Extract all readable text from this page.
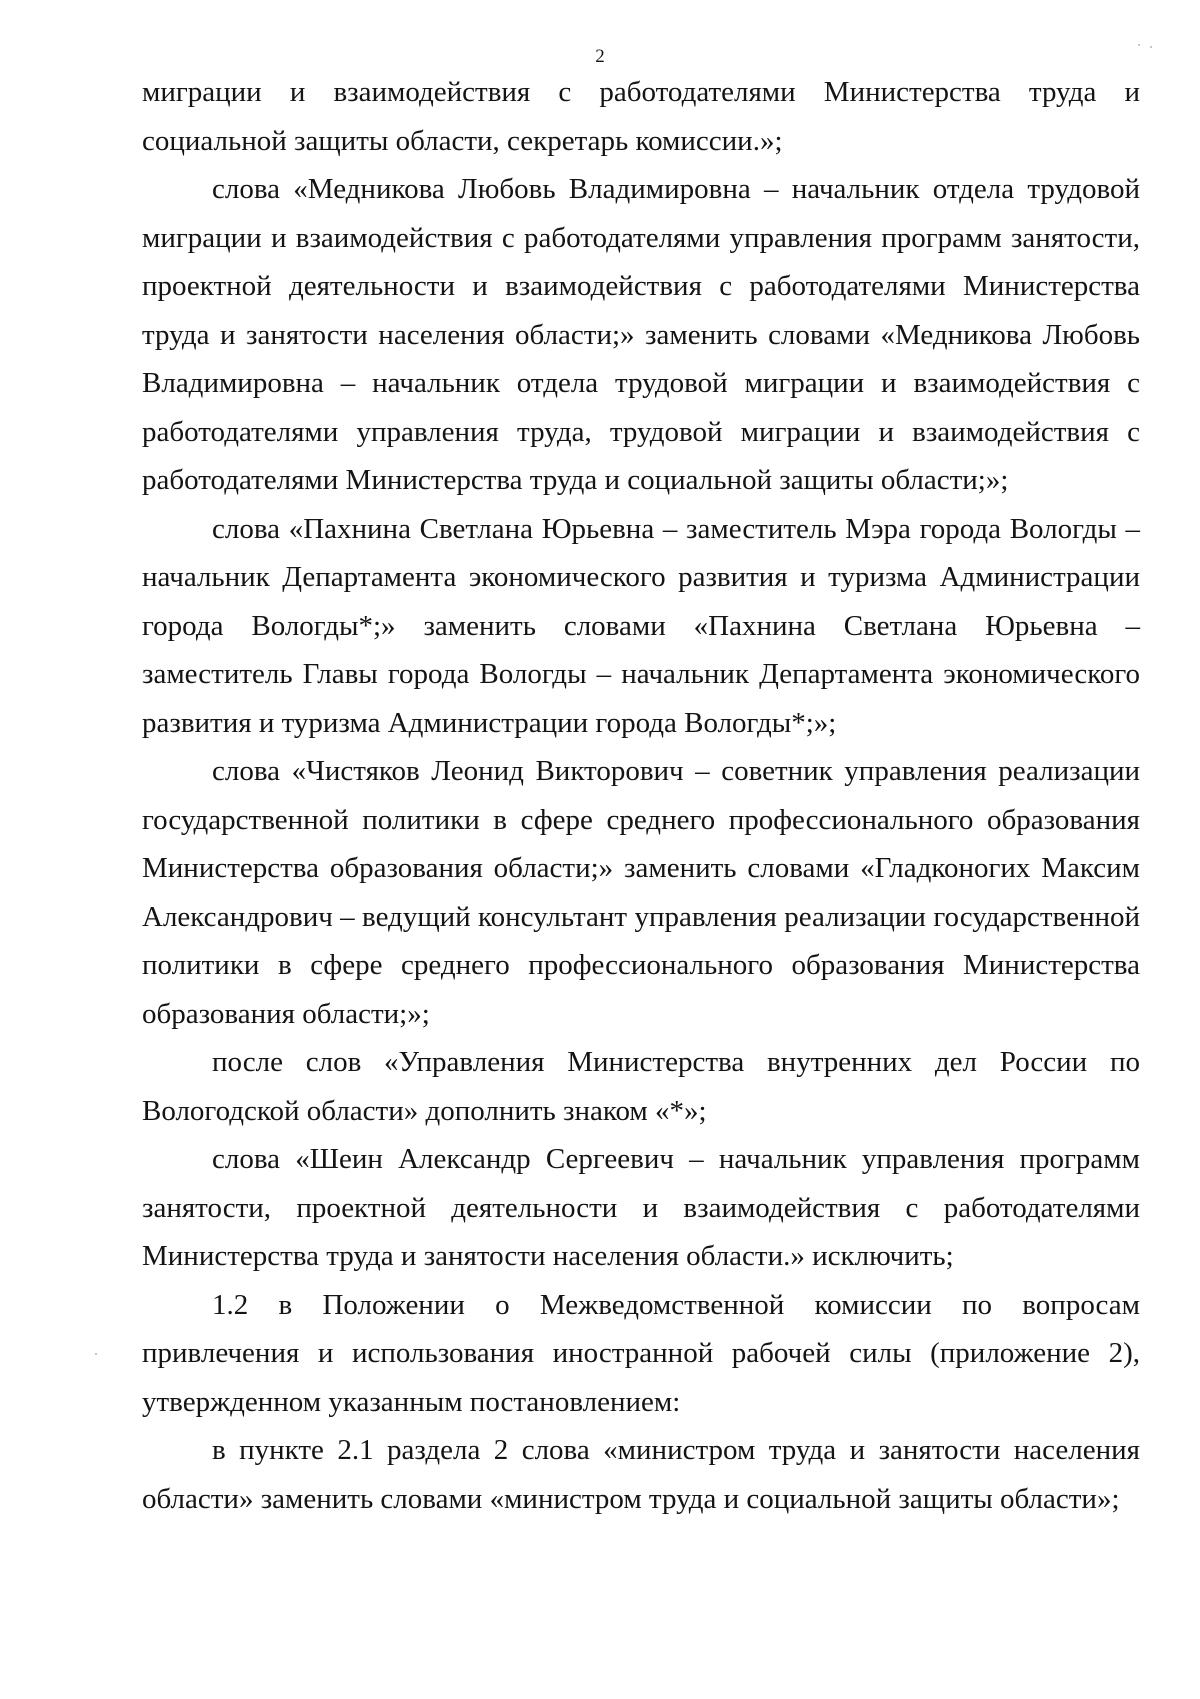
2

миграции и взаимодействия с работодателями Министерства труда и социальной защиты области, секретарь комиссии.»;

слова «Медникова Любовь Владимировна – начальник отдела трудовой миграции и взаимодействия с работодателями управления программ занятости, проектной деятельности и взаимодействия с работодателями Министерства труда и занятости населения области;» заменить словами «Медникова Любовь Владимировна – начальник отдела трудовой миграции и взаимодействия с работодателями управления труда, трудовой миграции и взаимодействия с работодателями Министерства труда и социальной защиты области;»;

слова «Пахнина Светлана Юрьевна – заместитель Мэра города Вологды – начальник Департамента экономического развития и туризма Администрации города Вологды*;» заменить словами «Пахнина Светлана Юрьевна – заместитель Главы города Вологды – начальник Департамента экономического развития и туризма Администрации города Вологды*;»;

слова «Чистяков Леонид Викторович – советник управления реализации государственной политики в сфере среднего профессионального образования Министерства образования области;» заменить словами «Гладконогих Максим Александрович – ведущий консультант управления реализации государственной политики в сфере среднего профессионального образования Министерства образования области;»;

после слов «Управления Министерства внутренних дел России по Вологодской области» дополнить знаком «*»;

слова «Шеин Александр Сергеевич – начальник управления программ занятости, проектной деятельности и взаимодействия с работодателями Министерства труда и занятости населения области.» исключить;

1.2 в Положении о Межведомственной комиссии по вопросам привлечения и использования иностранной рабочей силы (приложение 2), утвержденном указанным постановлением:

в пункте 2.1 раздела 2 слова «министром труда и занятости населения области» заменить словами «министром труда и социальной защиты области»;
